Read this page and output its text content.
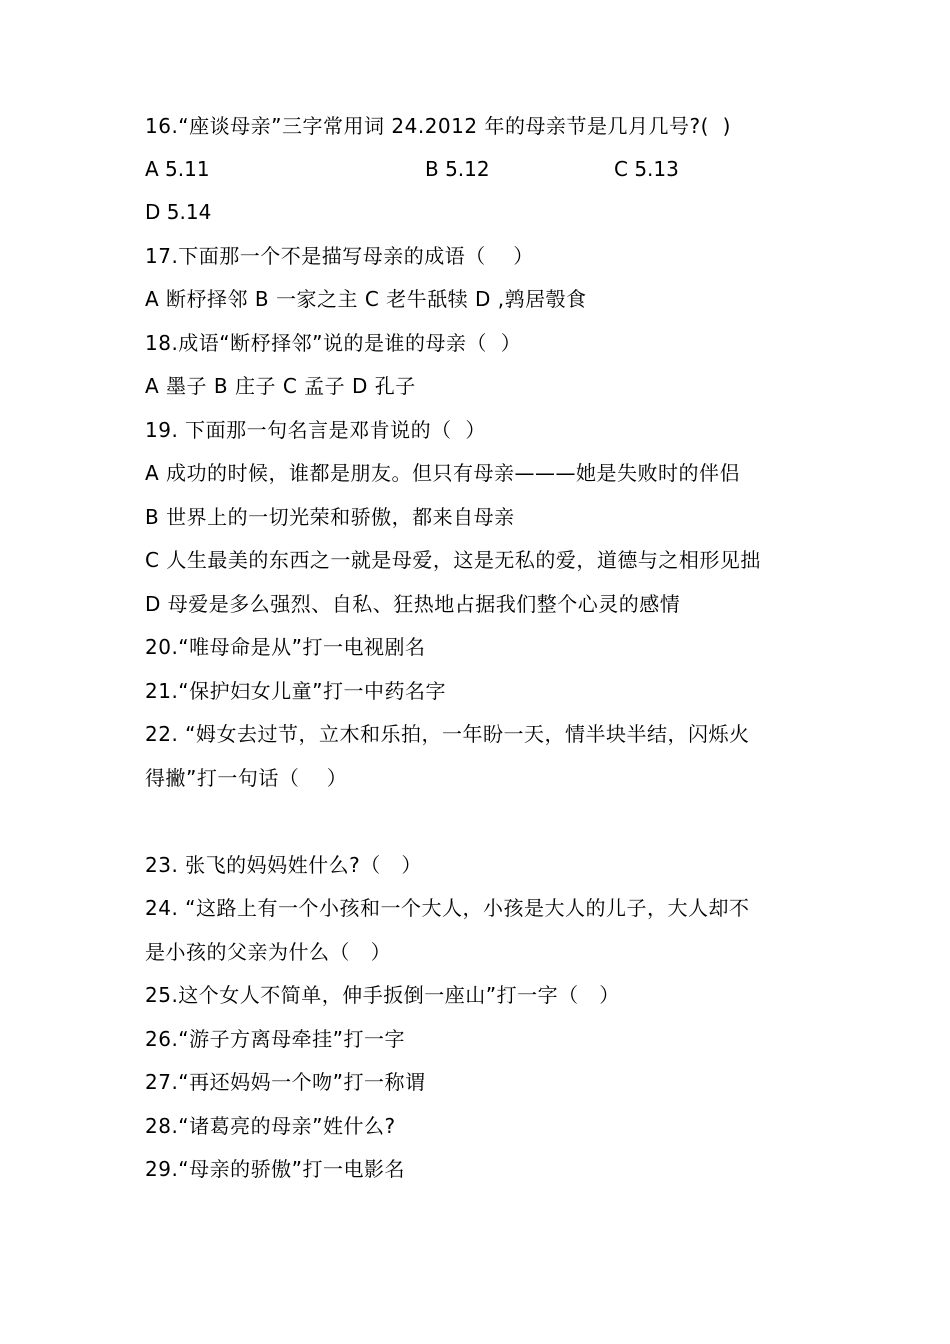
16.“座谈母亲”三字常用词 24.2012 年的母亲节是几月几号?(  )

A 5.11	B 5.12	C 5.13

D 5.14

17.下面那一个不是描写母亲的成语（    ）

A 断杼择邻 B 一家之主 C 老牛舐犊 D ,鹑居彀食

18.成语“断杼择邻”说的是谁的母亲（  ）

A 墨子 B 庄子 C 孟子 D 孔子

19. 下面那一句名言是邓肯说的（  ）

A 成功的时候，谁都是朋友。但只有母亲———她是失败时的伴侣

B 世界上的一切光荣和骄傲，都来自母亲

C 人生最美的东西之一就是母爱，这是无私的爱，道德与之相形见拙

D 母爱是多么强烈、自私、狂热地占据我们整个心灵的感情

20.“唯母命是从”打一电视剧名

21.“保护妇女儿童”打一中药名字

22. “姆女去过节，立木和乐拍，一年盼一天，情半块半结，闪烁火

得撇”打一句话（    ）

23. 张飞的妈妈姓什么?（   ）

24. “这路上有一个小孩和一个大人，小孩是大人的儿子，大人却不

是小孩的父亲为什么（   ）

25.这个女人不简单，伸手扳倒一座山”打一字（   ）

26.“游子方离母牵挂”打一字

27.“再还妈妈一个吻”打一称谓

28.“诸葛亮的母亲”姓什么?

29.“母亲的骄傲”打一电影名
